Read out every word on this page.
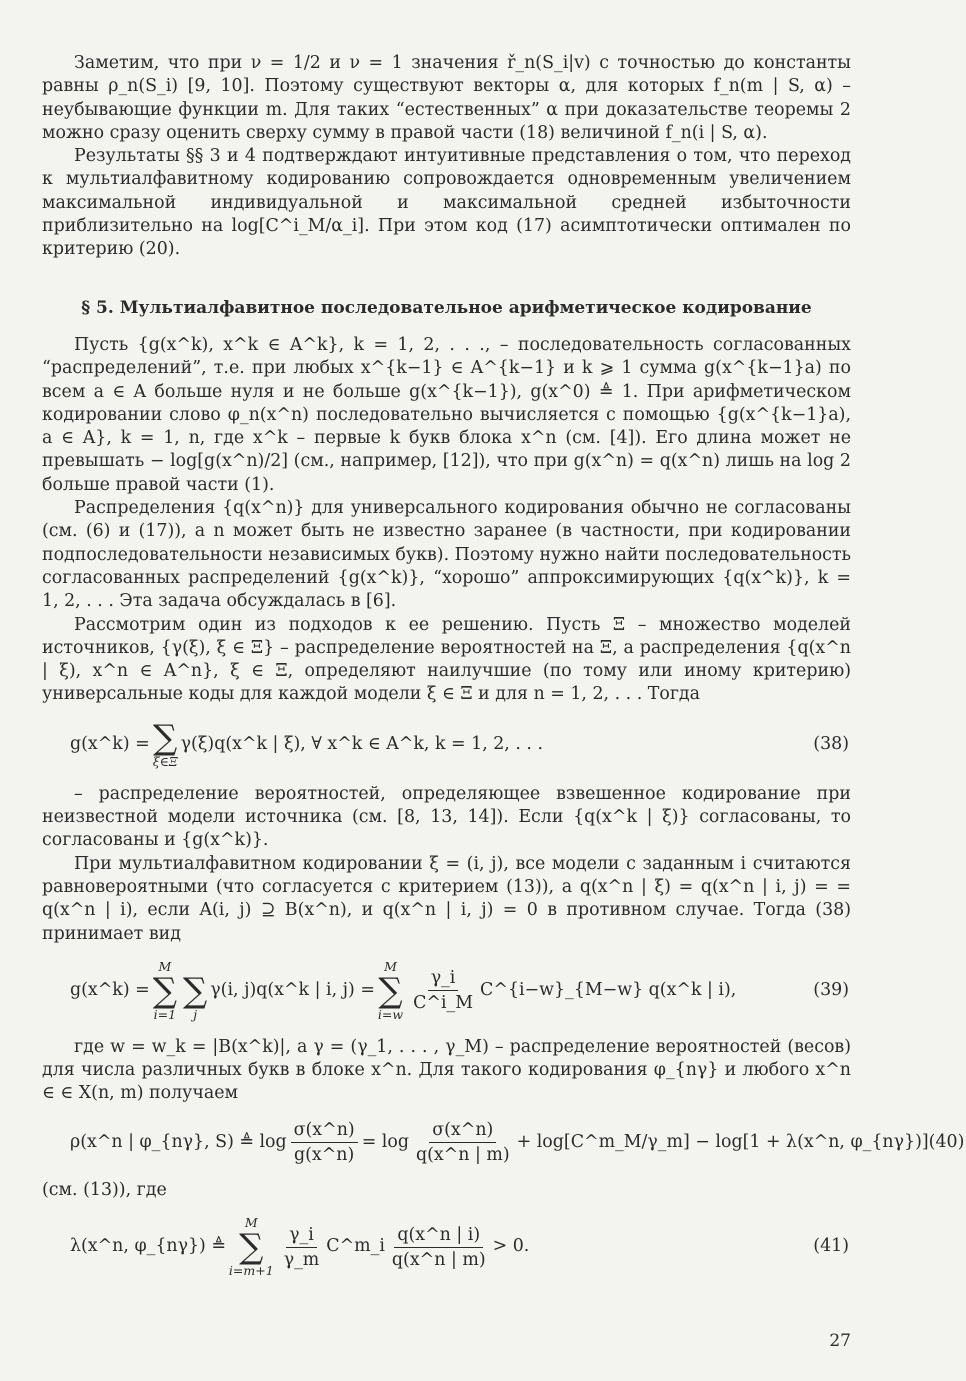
Заметим, что при ν = 1/2 и ν = 1 значения ř_n(S_i|v) с точностью до константы равны ρ_n(S_i) [9, 10]. Поэтому существуют векторы α, для которых f_n(m | S, α) – неубывающие функции m. Для таких “естественных” α при доказательстве теоремы 2 можно сразу оценить сверху сумму в правой части (18) величиной f_n(i | S, α).

Результаты §§ 3 и 4 подтверждают интуитивные представления о том, что переход к мультиалфавитному кодированию сопровождается одновременным увеличением максимальной индивидуальной и максимальной средней избыточности приблизительно на log[C^i_M/α_i]. При этом код (17) асимптотически оптимален по критерию (20).

§ 5. Мультиалфавитное последовательное арифметическое кодирование

Пусть {g(x^k), x^k ∈ A^k}, k = 1, 2, . . ., – последовательность согласованных “распределений”, т.е. при любых x^{k−1} ∈ A^{k−1} и k ⩾ 1 сумма g(x^{k−1}a) по всем a ∈ A больше нуля и не больше g(x^{k−1}), g(x^0) ≜ 1. При арифметическом кодировании слово φ_n(x^n) последовательно вычисляется с помощью {g(x^{k−1}a), a ∈ A}, k = 1, n, где x^k – первые k букв блока x^n (см. [4]). Его длина может не превышать − log[g(x^n)/2] (см., например, [12]), что при g(x^n) = q(x^n) лишь на log 2 больше правой части (1).

Распределения {q(x^n)} для универсального кодирования обычно не согласованы (см. (6) и (17)), а n может быть не известно заранее (в частности, при кодировании подпоследовательности независимых букв). Поэтому нужно найти последовательность согласованных распределений {g(x^k)}, “хорошо” аппроксимирующих {q(x^k)}, k = 1, 2, . . . Эта задача обсуждалась в [6].

Рассмотрим один из подходов к ее решению. Пусть Ξ – множество моделей источников, {γ(ξ), ξ ∈ Ξ} – распределение вероятностей на Ξ, а распределения {q(x^n | ξ), x^n ∈ A^n}, ξ ∈ Ξ, определяют наилучшие (по тому или иному критерию) универсальные коды для каждой модели ξ ∈ Ξ и для n = 1, 2, . . . Тогда

g(x^k) = ∑
ξ∈Ξ
γ(ξ)q(x^k | ξ), ∀ x^k ∈ A^k, k = 1, 2, . . .	(38)

– распределение вероятностей, определяющее взвешенное кодирование при неизвестной модели источника (см. [8, 13, 14]). Если {q(x^k | ξ)} согласованы, то согласованы и {g(x^k)}.

При мультиалфавитном кодировании ξ = (i, j), все модели с заданным i считаются равновероятными (что согласуется с критерием (13)), а q(x^n | ξ) = q(x^n | i, j) = = q(x^n | i), если A(i, j) ⊇ B(x^n), и q(x^n | i, j) = 0 в противном случае. Тогда (38) принимает вид

g(x^k) =
M
∑
i=1

∑
j
γ(i, j)q(x^k | i, j) =
M
∑
i=w
$\frac{\gamma\_i}{C\^{}i\_M}$ C^{i−w}_{M−w} q(x^k | i),	(39)

где w = w_k = |B(x^k)|, а γ = (γ_1, . . . , γ_M) – распределение вероятностей (весов) для числа различных букв в блоке x^n. Для такого кодирования φ_{nγ} и любого x^n ∈ ∈ X(n, m) получаем

ρ(x^n | φ_{nγ}, S) ≜ $\log \frac{\sigma(x\^{}n)}{g(x\^{}n)} = \log \frac{\sigma(x\^{}n)}{q(x\^{}n | m)}$ + log[C^m_M/γ_m] − log[1 + λ(x^n, φ_{nγ})] (40)

(см. (13)), где

λ(x^n, φ_{nγ}) ≜
M
∑
i=m+1
$\frac{\gamma\_i}{\gamma\_m}$ C^m_i $\frac{q(x\^{}n | i)}{q(x\^{}n | m)} > 0$.	(41)
27
